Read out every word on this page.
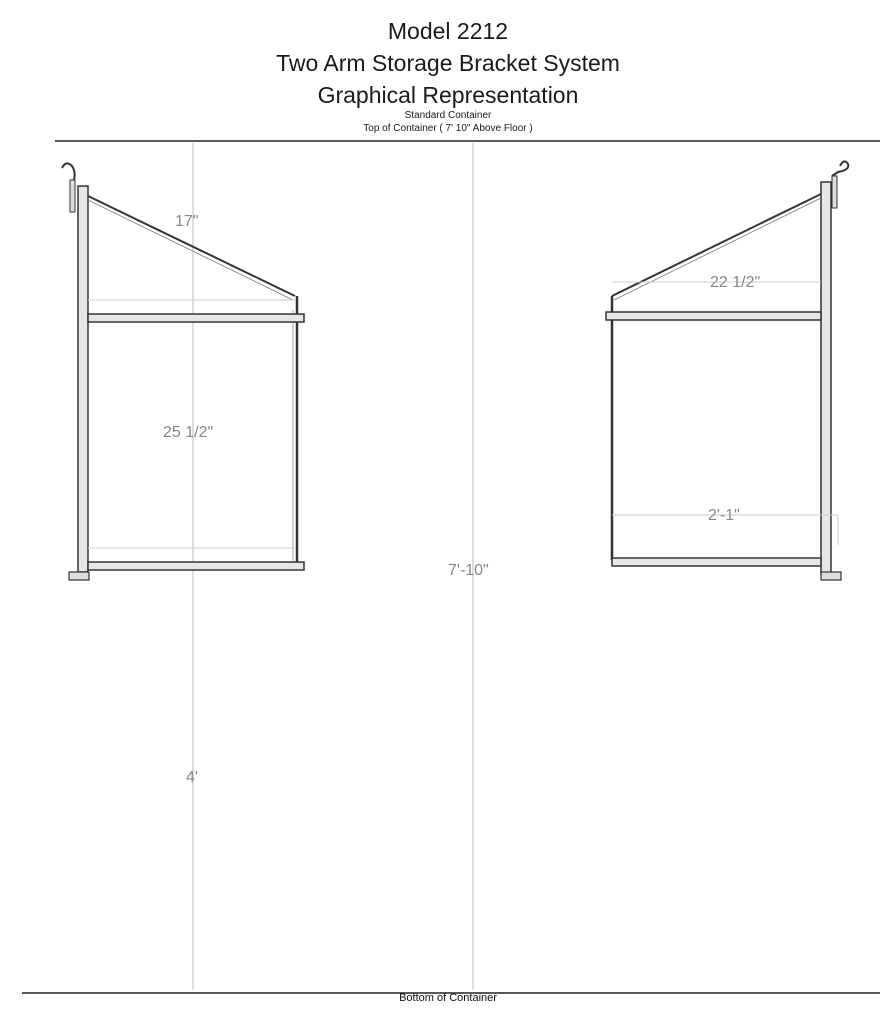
Model 2212
Two Arm Storage Bracket System
Graphical Representation
Standard Container
Top of Container ( 7' 10" Above Floor )
17"
25 1/2"
4'
7'-10"
22 1/2"
2'-1"
Bottom of Container
